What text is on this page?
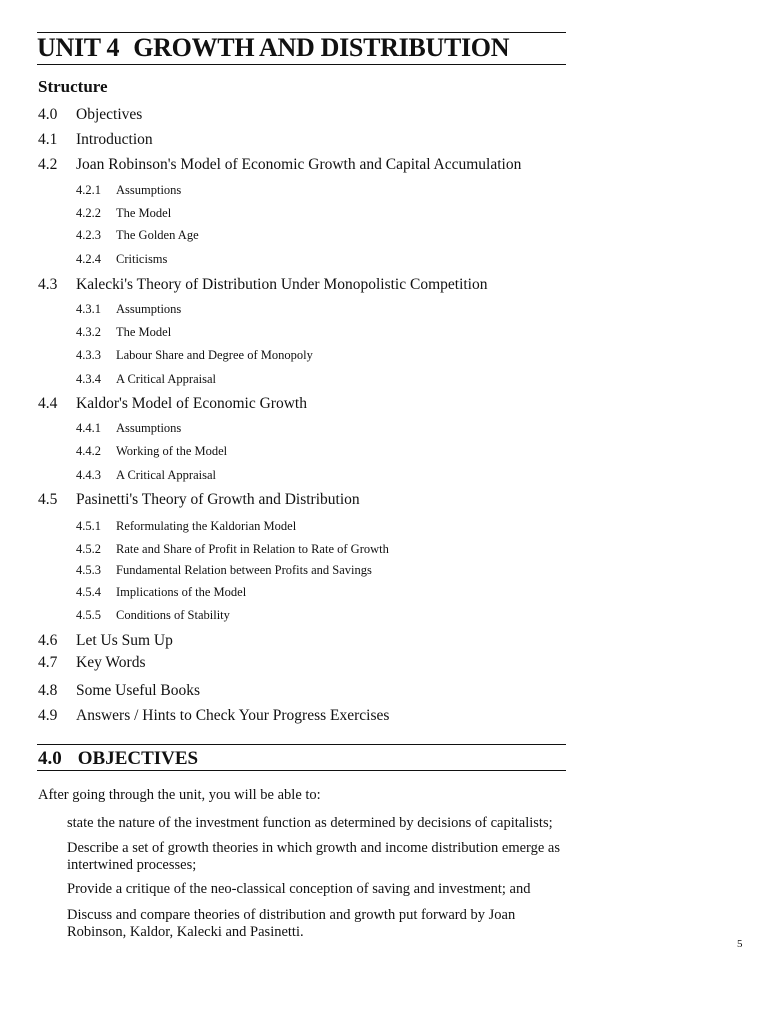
UNIT 4 GROWTH AND DISTRIBUTION
Structure
4.0 Objectives
4.1 Introduction
4.2 Joan Robinson's Model of Economic Growth and Capital Accumulation
4.2.1 Assumptions
4.2.2 The Model
4.2.3 The Golden Age
4.2.4 Criticisms
4.3 Kalecki's Theory of Distribution Under Monopolistic Competition
4.3.1 Assumptions
4.3.2 The Model
4.3.3 Labour Share and Degree of Monopoly
4.3.4 A Critical Appraisal
4.4 Kaldor's Model of Economic Growth
4.4.1 Assumptions
4.4.2 Working of the Model
4.4.3 A Critical Appraisal
4.5 Pasinetti's Theory of Growth and Distribution
4.5.1 Reformulating the Kaldorian Model
4.5.2 Rate and Share of Profit in Relation to Rate of Growth
4.5.3 Fundamental Relation between Profits and Savings
4.5.4 Implications of the Model
4.5.5 Conditions of Stability
4.6 Let Us Sum Up
4.7 Key Words
4.8 Some Useful Books
4.9 Answers / Hints to Check Your Progress Exercises
4.0 OBJECTIVES

After going through the unit, you will be able to:

state the nature of the investment function as determined by decisions of capitalists;

Describe a set of growth theories in which growth and income distribution emerge as intertwined processes;

Provide a critique of the neo-classical conception of saving and investment; and

Discuss and compare theories of distribution and growth put forward by Joan Robinson, Kaldor, Kalecki and Pasinetti.

5
